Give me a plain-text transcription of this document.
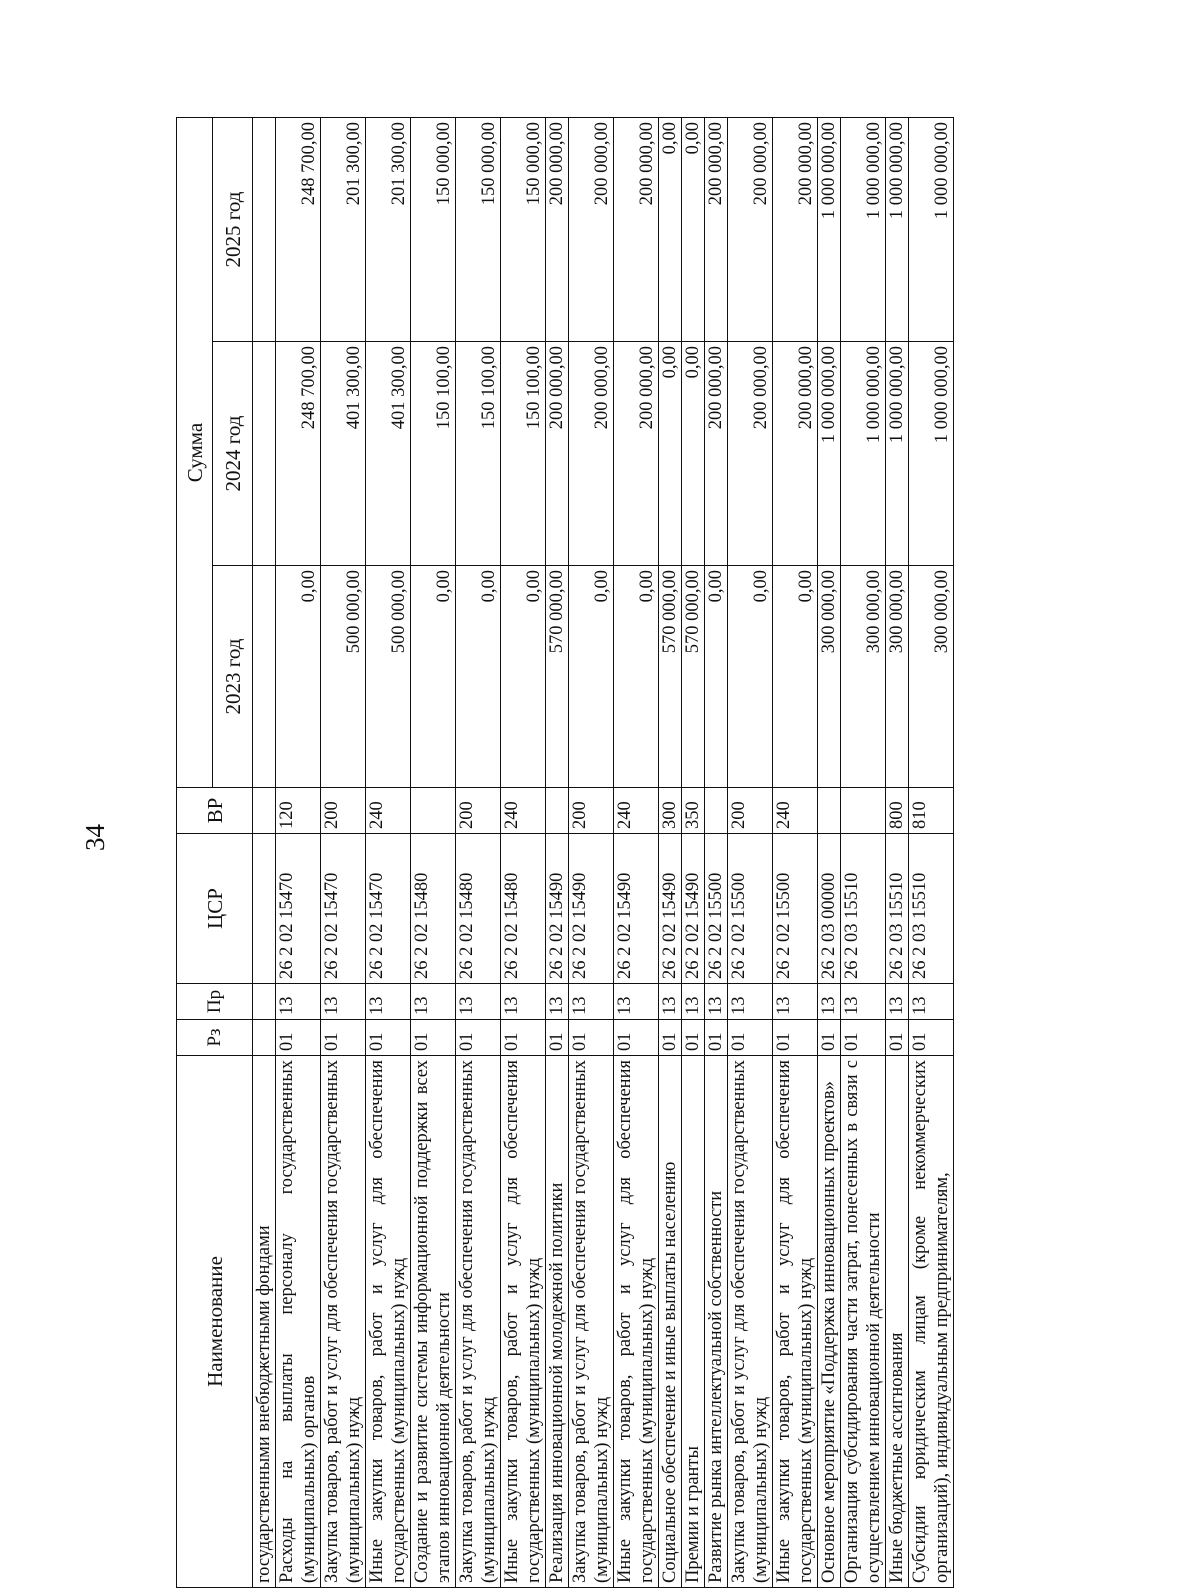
34
Наименование	Рз	Пр	ЦСР	ВР	Сумма		
					2023 год	2024 год	2025 год
государственными внебюджетными фондами							
Расходы на выплаты персоналу государственных (муниципальных) органов	01	13	26 2 02 15470	120	0,00	248 700,00	248 700,00
Закупка товаров, работ и услуг для обеспечения государственных (муниципальных) нужд	01	13	26 2 02 15470	200	500 000,00	401 300,00	201 300,00
Иные закупки товаров, работ и услуг для обеспечения государственных (муниципальных) нужд	01	13	26 2 02 15470	240	500 000,00	401 300,00	201 300,00
Создание и развитие системы информационной поддержки всех этапов инновационной деятельности	01	13	26 2 02 15480		0,00	150 100,00	150 000,00
Закупка товаров, работ и услуг для обеспечения государственных (муниципальных) нужд	01	13	26 2 02 15480	200	0,00	150 100,00	150 000,00
Иные закупки товаров, работ и услуг для обеспечения государственных (муниципальных) нужд	01	13	26 2 02 15480	240	0,00	150 100,00	150 000,00
Реализация инновационной молодежной политики	01	13	26 2 02 15490		570 000,00	200 000,00	200 000,00
Закупка товаров, работ и услуг для обеспечения государственных (муниципальных) нужд	01	13	26 2 02 15490	200	0,00	200 000,00	200 000,00
Иные закупки товаров, работ и услуг для обеспечения государственных (муниципальных) нужд	01	13	26 2 02 15490	240	0,00	200 000,00	200 000,00
Социальное обеспечение и иные выплаты населению	01	13	26 2 02 15490	300	570 000,00	0,00	0,00
Премии и гранты	01	13	26 2 02 15490	350	570 000,00	0,00	0,00
Развитие рынка интеллектуальной собственности	01	13	26 2 02 15500		0,00	200 000,00	200 000,00
Закупка товаров, работ и услуг для обеспечения государственных (муниципальных) нужд	01	13	26 2 02 15500	200	0,00	200 000,00	200 000,00
Иные закупки товаров, работ и услуг для обеспечения государственных (муниципальных) нужд	01	13	26 2 02 15500	240	0,00	200 000,00	200 000,00
Основное мероприятие «Поддержка инновационных проектов»	01	13	26 2 03 00000		300 000,00	1 000 000,00	1 000 000,00
Организация субсидирования части затрат, понесенных в связи с осуществлением инновационной деятельности	01	13	26 2 03 15510		300 000,00	1 000 000,00	1 000 000,00
Иные бюджетные ассигнования	01	13	26 2 03 15510	800	300 000,00	1 000 000,00	1 000 000,00
Субсидии юридическим лицам (кроме некоммерческих организаций), индивидуальным предпринимателям,	01	13	26 2 03 15510	810	300 000,00	1 000 000,00	1 000 000,00
